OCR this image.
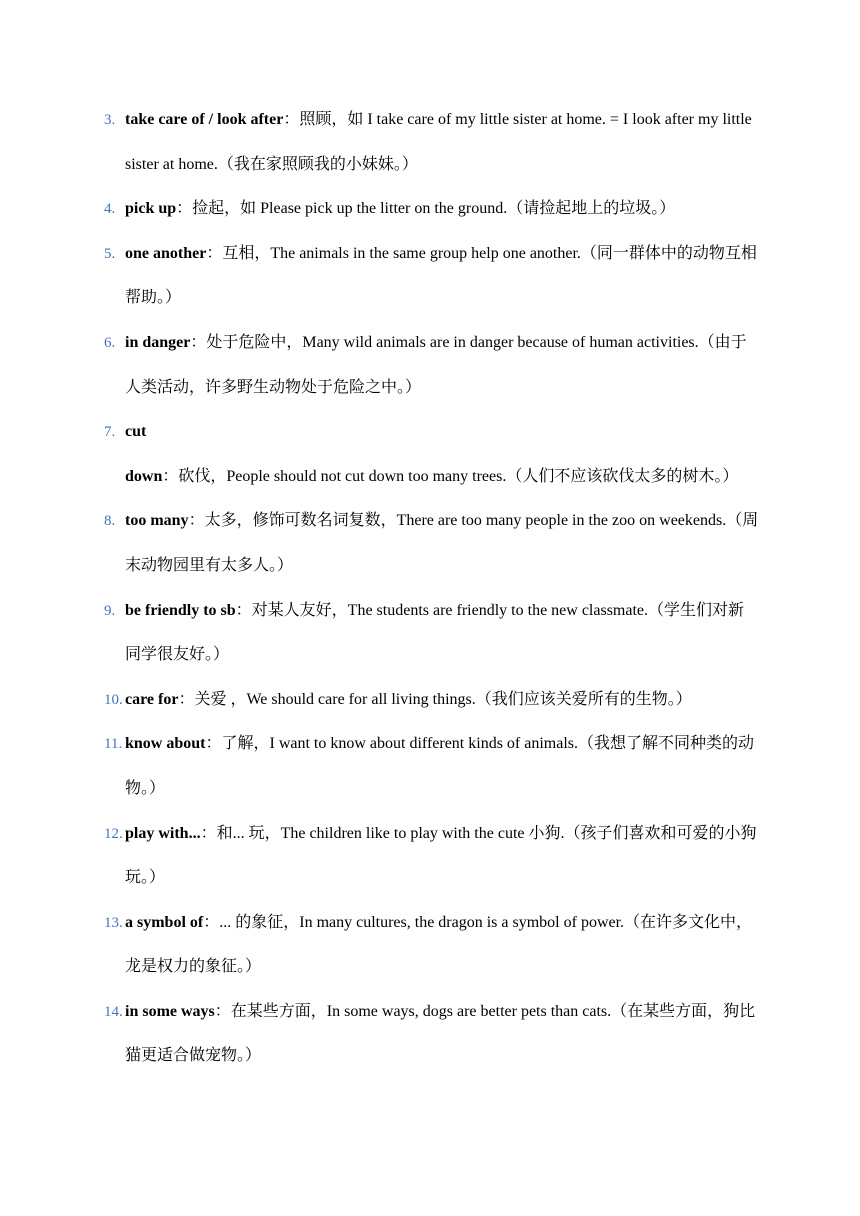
3. take care of / look after：照顾，如 I take care of my little sister at home. = I look after my little sister at home.（我在家照顾我的小妹妹。）
4. pick up：捡起，如 Please pick up the litter on the ground.（请捡起地上的垃圾。）
5. one another：互相，The animals in the same group help one another.（同一群体中的动物互相帮助。）
6. in danger：处于危险中，Many wild animals are in danger because of human activities.（由于人类活动，许多野生动物处于危险之中。）
7. cut down：砍伐，People should not cut down too many trees.（人们不应该砍伐太多的树木。）
8. too many：太多，修饰可数名词复数，There are too many people in the zoo on weekends.（周末动物园里有太多人。）
9. be friendly to sb：对某人友好，The students are friendly to the new classmate.（学生们对新同学很友好。）
10. care for：关爱 ，We should care for all living things.（我们应该关爱所有的生物。）
11. know about：了解，I want to know about different kinds of animals.（我想了解不同种类的动物。）
12. play with...：和... 玩，The children like to play with the cute 小狗.（孩子们喜欢和可爱的小狗玩。）
13. a symbol of：... 的象征，In many cultures, the dragon is a symbol of power.（在许多文化中，龙是权力的象征。）
14. in some ways：在某些方面，In some ways, dogs are better pets than cats.（在某些方面，狗比猫更适合做宠物。）
